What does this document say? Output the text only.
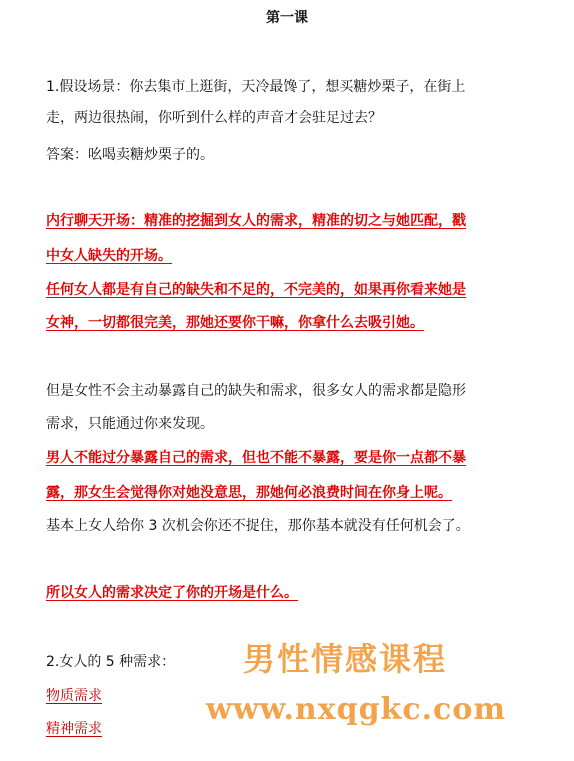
第一课
1.假设场景：你去集市上逛街，天冷最馋了，想买糖炒栗子，在街上
走，两边很热闹，你听到什么样的声音才会驻足过去？
答案：吆喝卖糖炒栗子的。
内行聊天开场：精准的挖掘到女人的需求，精准的切之与她匹配，戳
中女人缺失的开场。
任何女人都是有自己的缺失和不足的，不完美的，如果再你看来她是
女神，一切都很完美，那她还要你干嘛，你拿什么去吸引她。
但是女性不会主动暴露自己的缺失和需求，很多女人的需求都是隐形
需求，只能通过你来发现。
男人不能过分暴露自己的需求，但也不能不暴露，要是你一点都不暴
露，那女生会觉得你对她没意思，那她何必浪费时间在你身上呢。
基本上女人给你 3 次机会你还不捉住，那你基本就没有任何机会了。
所以女人的需求决定了你的开场是什么。
2.女人的 5 种需求：
物质需求
精神需求
男性情感课程
www.nxqgkc.com
